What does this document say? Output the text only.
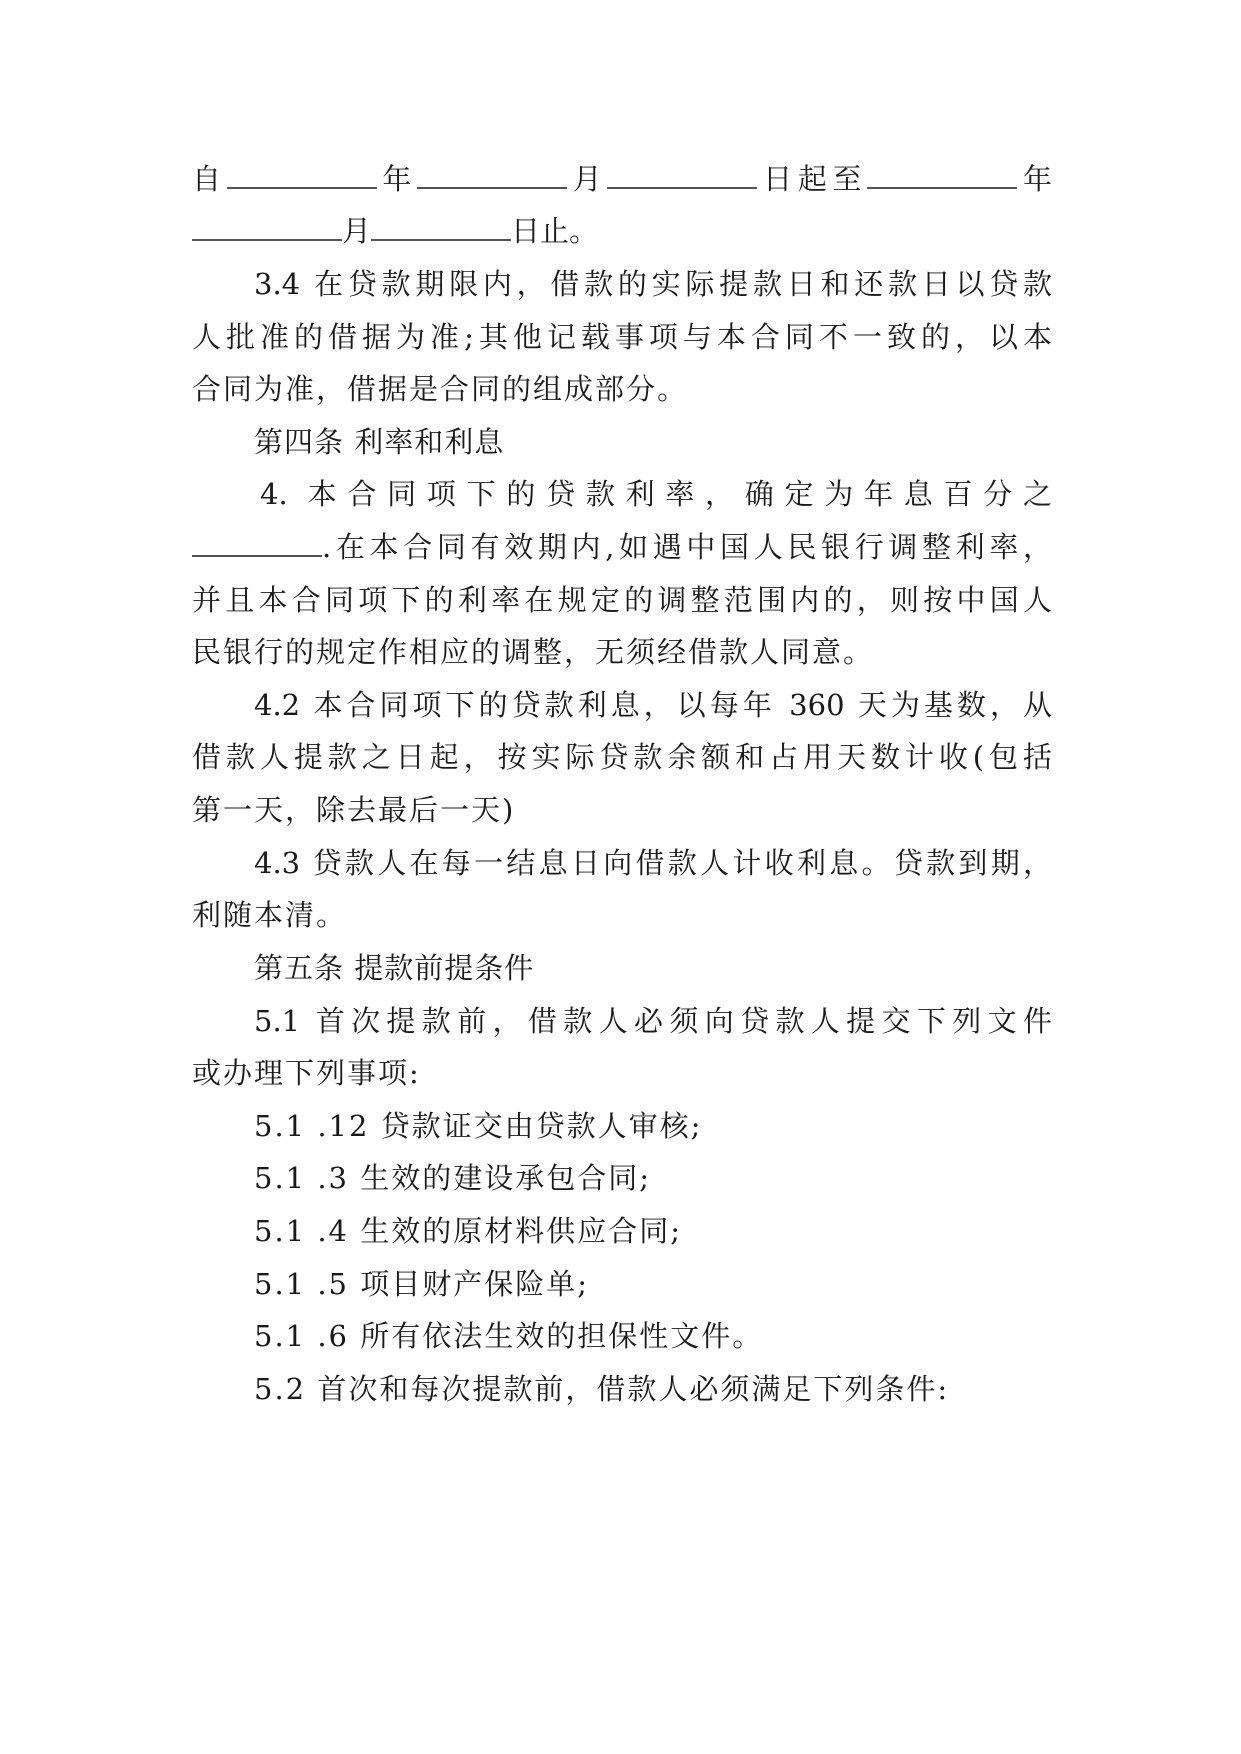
自	年	月	日起至	年
月	日止。
3.4 在贷款期限内，借款的实际提款日和还款日以贷款
人批准的借据为准;其他记载事项与本合同不一致的，以本
合同为准，借据是合同的组成部分。
第四条 利率和利息
4. 本合同项下的贷款利率，确定为年息百分之
.在本合同有效期内,如遇中国人民银行调整利率，
并且本合同项下的利率在规定的调整范围内的，则按中国人
民银行的规定作相应的调整，无须经借款人同意。
4.2 本合同项下的贷款利息，以每年 360 天为基数，从
借款人提款之日起，按实际贷款余额和占用天数计收(包括
第一天，除去最后一天)
4.3 贷款人在每一结息日向借款人计收利息。贷款到期，
利随本清。
第五条 提款前提条件
5.1 首次提款前，借款人必须向贷款人提交下列文件
或办理下列事项:
5.1 .12 贷款证交由贷款人审核;
5.1 .3 生效的建设承包合同;
5.1 .4 生效的原材料供应合同;
5.1 .5 项目财产保险单;
5.1 .6 所有依法生效的担保性文件。
5.2 首次和每次提款前，借款人必须满足下列条件:
